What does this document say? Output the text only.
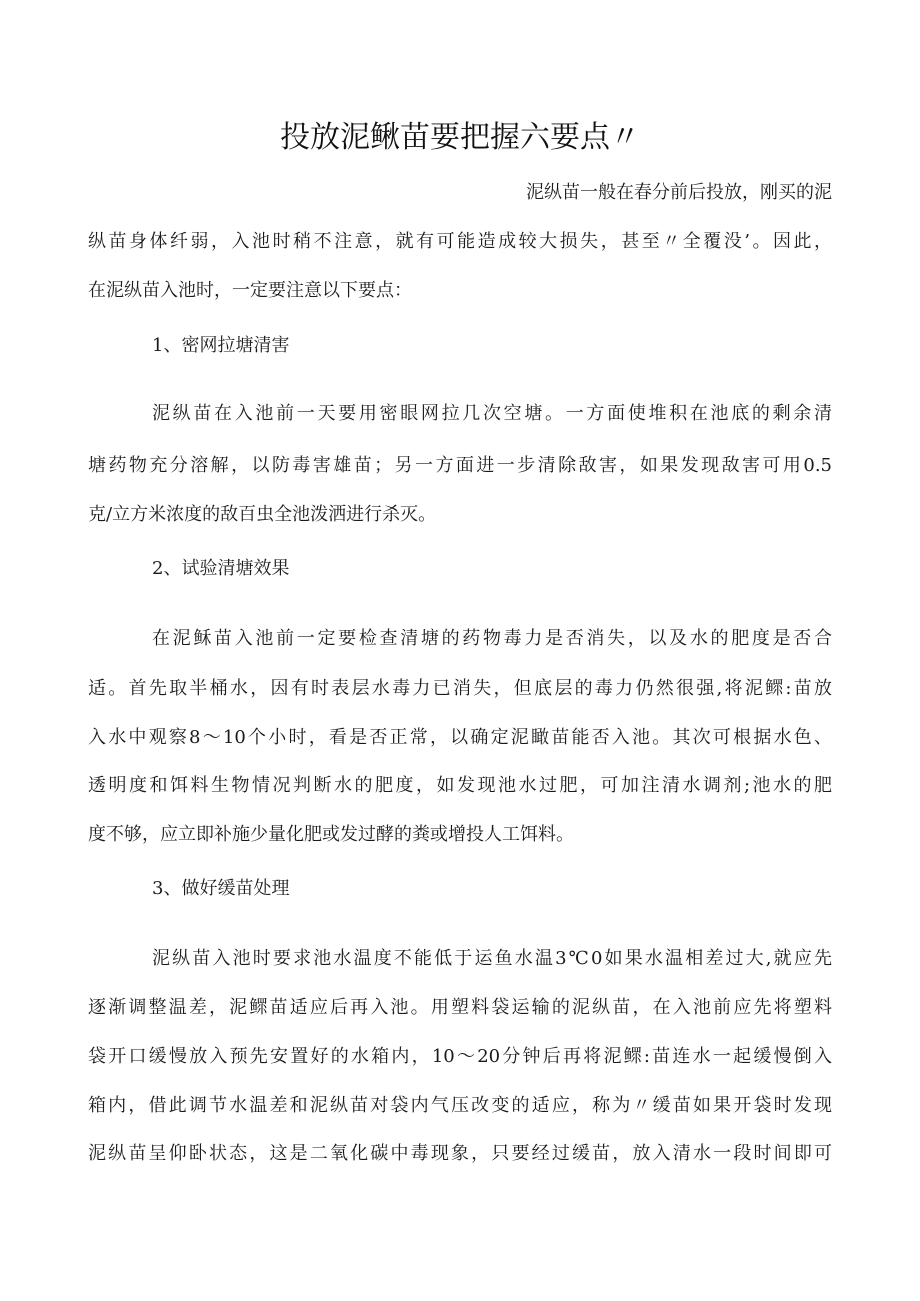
投放泥鳅苗要把握六要点〃
泥纵苗一般在春分前后投放，刚买的泥
纵苗身体纤弱，入池时稍不注意，就有可能造成较大损失，甚至〃全覆没’。因此，
在泥纵苗入池时，一定要注意以下要点：
1、密网拉塘清害
泥纵苗在入池前一天要用密眼网拉几次空塘。一方面使堆积在池底的剩余清
塘药物充分溶解，以防毒害雄苗；另一方面进一步清除敌害，如果发现敌害可用0.5
克/立方米浓度的敌百虫全池泼洒进行杀灭。
2、试验清塘效果
在泥稣苗入池前一定要检查清塘的药物毒力是否消失，以及水的肥度是否合
适。首先取半桶水，因有时表层水毒力已消失，但底层的毒力仍然很强,将泥鳏:苗放
入水中观察8～10个小时，看是否正常，以确定泥瞰苗能否入池。其次可根据水色、
透明度和饵料生物情况判断水的肥度，如发现池水过肥，可加注清水调剂;池水的肥
度不够，应立即补施少量化肥或发过酵的粪或增投人工饵料。
3、做好缓苗处理
泥纵苗入池时要求池水温度不能低于运鱼水温3℃0如果水温相差过大,就应先
逐渐调整温差，泥鳏苗适应后再入池。用塑料袋运输的泥纵苗，在入池前应先将塑料
袋开口缓慢放入预先安置好的水箱内，10～20分钟后再将泥鳏:苗连水一起缓慢倒入
箱内，借此调节水温差和泥纵苗对袋内气压改变的适应，称为〃缓苗如果开袋时发现
泥纵苗呈仰卧状态，这是二氧化碳中毒现象，只要经过缓苗，放入清水一段时间即可
